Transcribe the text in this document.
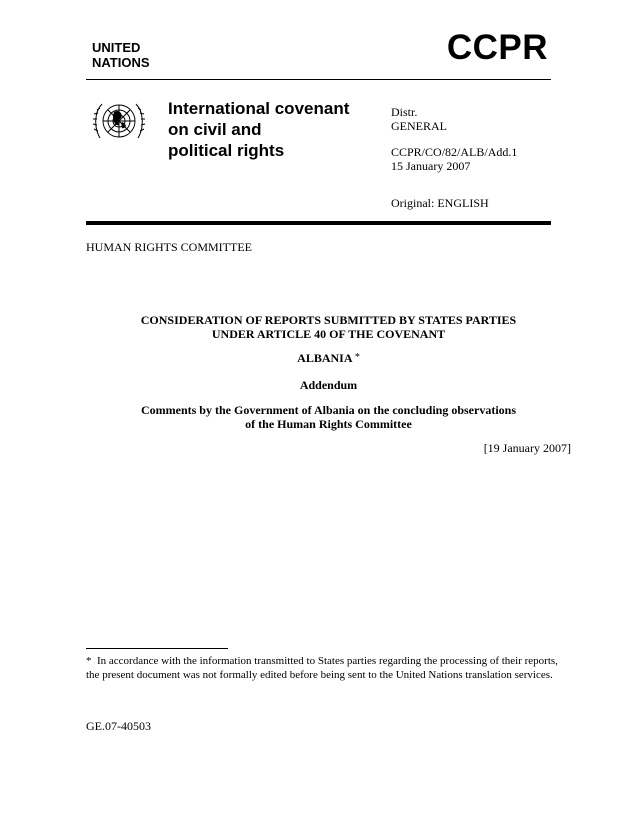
UNITED
NATIONS	CCPR
International covenant
on civil and
political rights
Distr.
GENERAL
CCPR/CO/82/ALB/Add.1
15 January 2007
Original: ENGLISH
HUMAN RIGHTS COMMITTEE
CONSIDERATION OF REPORTS SUBMITTED BY STATES PARTIES
UNDER ARTICLE 40 OF THE COVENANT
ALBANIA *
Addendum
Comments by the Government of Albania on the concluding observations
of the Human Rights Committee
[19 January 2007]
* In accordance with the information transmitted to States parties regarding the processing of their reports, the present document was not formally edited before being sent to the United Nations translation services.
GE.07-40503
